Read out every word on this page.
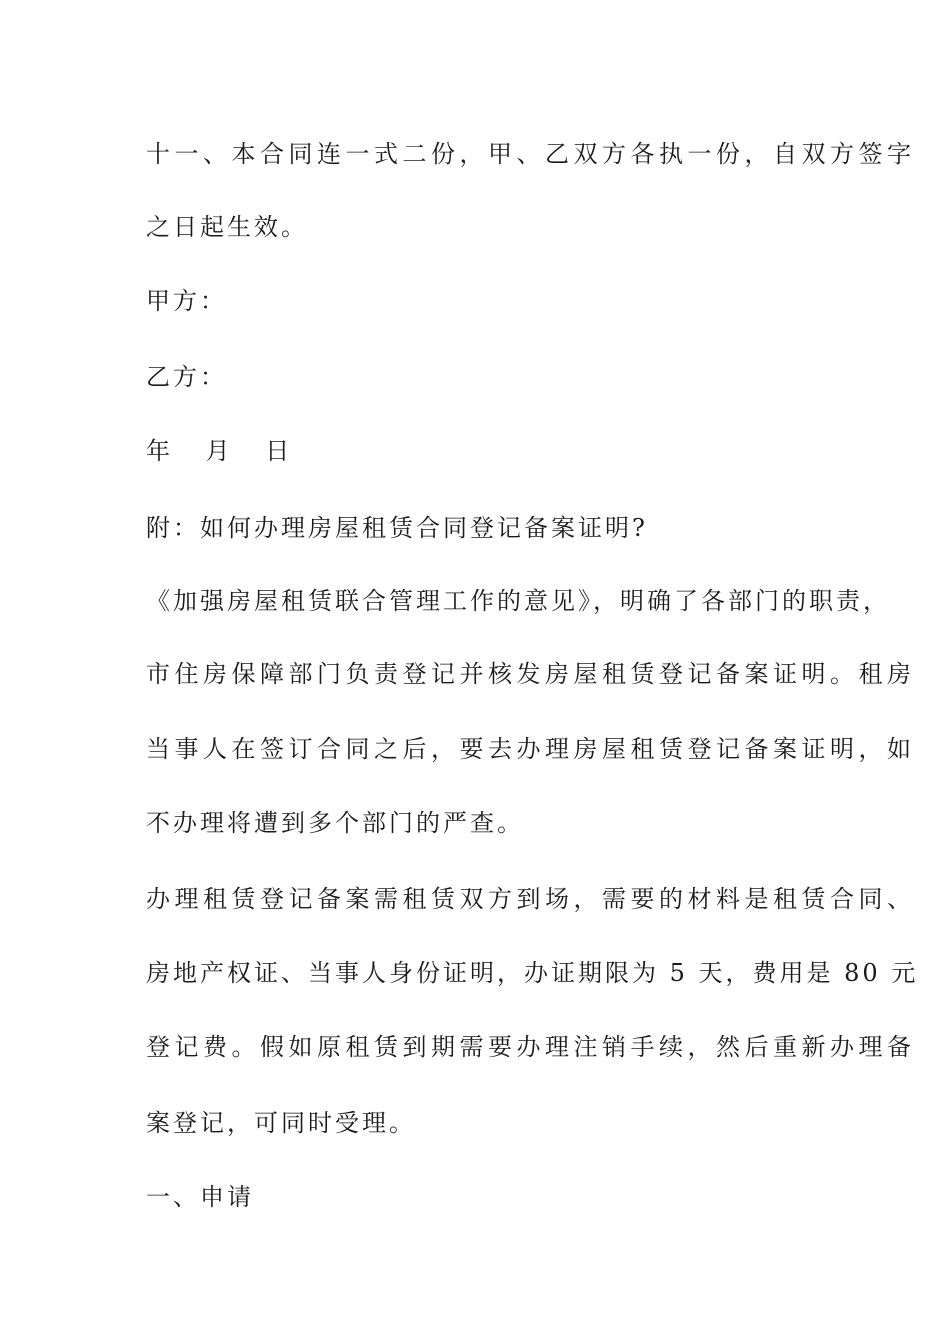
十一、本合同连一式二份，甲、乙双方各执一份，自双方签字
之日起生效。
甲方：
乙方：
年 月 日
附：如何办理房屋租赁合同登记备案证明?
《加强房屋租赁联合管理工作的意见》，明确了各部门的职责，
市住房保障部门负责登记并核发房屋租赁登记备案证明。租房
当事人在签订合同之后，要去办理房屋租赁登记备案证明，如
不办理将遭到多个部门的严查。
办理租赁登记备案需租赁双方到场，需要的材料是租赁合同、
房地产权证、当事人身份证明，办证期限为 5 天，费用是 80 元
登记费。假如原租赁到期需要办理注销手续，然后重新办理备
案登记，可同时受理。
一、申请
